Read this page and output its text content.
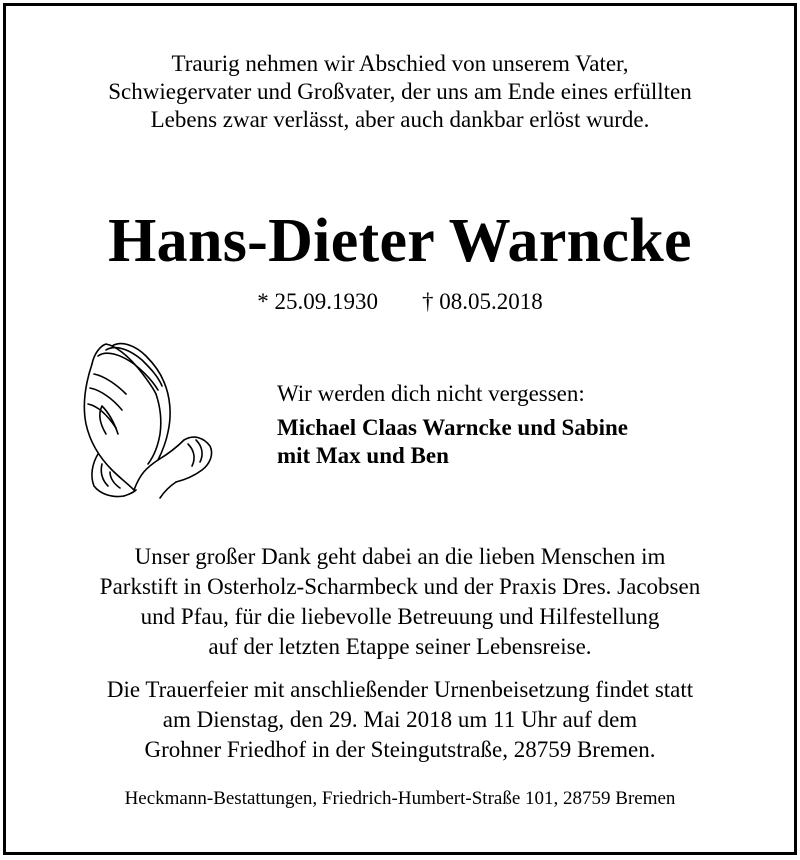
Traurig nehmen wir Abschied von unserem Vater,
Schwiegervater und Großvater, der uns am Ende eines erfüllten
Lebens zwar verlässt, aber auch dankbar erlöst wurde.
Hans-Dieter Warncke
* 25.09.1930 † 08.05.2018
Wir werden dich nicht vergessen:
Michael Claas Warncke und Sabine
mit Max und Ben
Unser großer Dank geht dabei an die lieben Menschen im
Parkstift in Osterholz-Scharmbeck und der Praxis Dres. Jacobsen
und Pfau, für die liebevolle Betreuung und Hilfestellung
auf der letzten Etappe seiner Lebensreise.
Die Trauerfeier mit anschließender Urnenbeisetzung findet statt
am Dienstag, den 29. Mai 2018 um 11 Uhr auf dem
Grohner Friedhof in der Steingutstraße, 28759 Bremen.
Heckmann-Bestattungen, Friedrich-Humbert-Straße 101, 28759 Bremen
